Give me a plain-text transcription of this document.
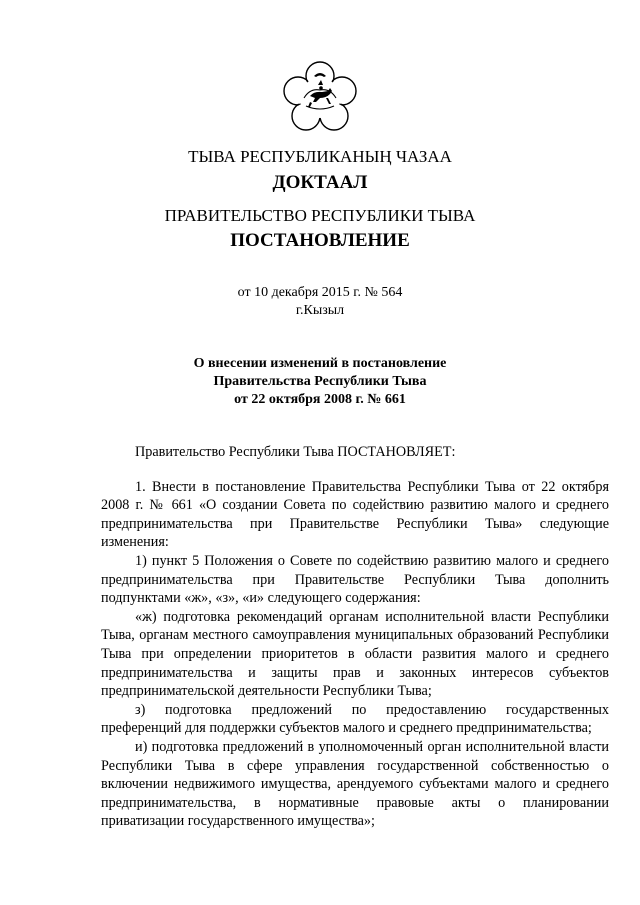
ТЫВА РЕСПУБЛИКАНЫҢ ЧАЗАА
ДОКТААЛ
ПРАВИТЕЛЬСТВО РЕСПУБЛИКИ ТЫВА
ПОСТАНОВЛЕНИЕ
от 10 декабря 2015 г. № 564
г.Кызыл
О внесении изменений в постановление
Правительства Республики Тыва
от 22 октября 2008 г. № 661

Правительство Республики Тыва ПОСТАНОВЛЯЕТ:

1. Внести в постановление Правительства Республики Тыва от 22 октября 2008 г. № 661 «О создании Совета по содействию развитию малого и среднего предпринимательства при Правительстве Республики Тыва» следующие изменения:

1) пункт 5 Положения о Совете по содействию развитию малого и среднего предпринимательства при Правительстве Республики Тыва дополнить подпунктами «ж», «з», «и» следующего содержания:

«ж) подготовка рекомендаций органам исполнительной власти Республики Тыва, органам местного самоуправления муниципальных образований Республики Тыва при определении приоритетов в области развития малого и среднего предпринимательства и защиты прав и законных интересов субъектов предпринимательской деятельности Республики Тыва;

з) подготовка предложений по предоставлению государственных преференций для поддержки субъектов малого и среднего предпринимательства;

и) подготовка предложений в уполномоченный орган исполнительной власти Республики Тыва в сфере управления государственной собственностью о включении недвижимого имущества, арендуемого субъектами малого и среднего предпринимательства, в нормативные правовые акты о планировании приватизации государственного имущества»;
